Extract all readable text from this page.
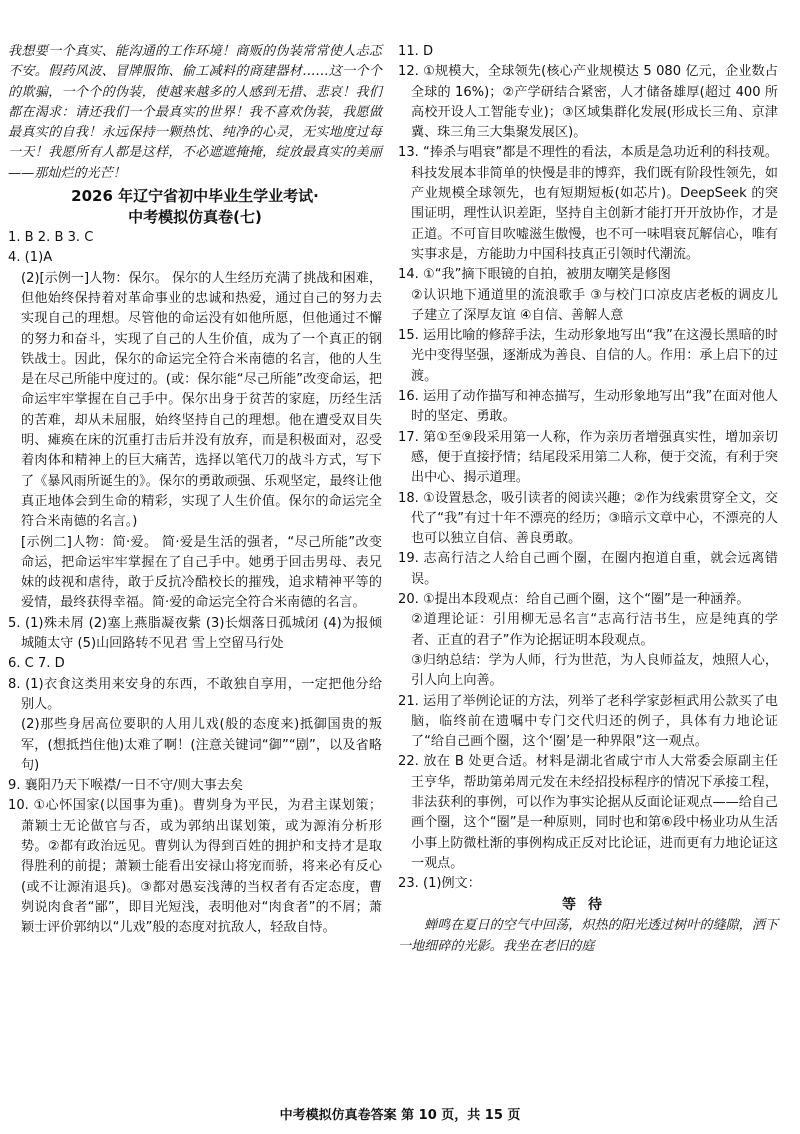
我想要一个真实、能沟通的工作环境！商贩的伪装常常使人忐忑不安。假药风波、冒牌服饰、偷工减料的商建器材……这一个个的欺骗，一个个的伪装，使越来越多的人感到无措、悲哀！我们都在渴求：请还我们一个最真实的世界！我不喜欢伪装，我愿做最真实的自我！永远保持一颗热忱、纯净的心灵，无实地度过每一天！我愿所有人都是这样，不必遮遮掩掩，绽放最真实的美丽——那灿烂的光芒！

2026 年辽宁省初中毕业生学业考试·

中考模拟仿真卷(七)

1. B 2. B 3. C

4. (1)A

(2)[示例一]人物：保尔。 保尔的人生经历充满了挑战和困难，但他始终保持着对革命事业的忠诚和热爱，通过自己的努力去实现自己的理想。尽管他的命运没有如他所愿，但他通过不懈的努力和奋斗，实现了自己的人生价值，成为了一个真正的钢铁战士。因此，保尔的命运完全符合米南德的名言，他的人生是在尽己所能中度过的。(或：保尔能“尽己所能”改变命运，把命运牢牢掌握在自己手中。保尔出身于贫苦的家庭，历经生活的苦难，却从未屈服，始终坚持自己的理想。他在遭受双目失明、瘫痪在床的沉重打击后并没有放弃，而是积极面对，忍受着肉体和精神上的巨大痛苦，选择以笔代刀的战斗方式，写下了《暴风雨所诞生的》。保尔的勇敢顽强、乐观坚定，最终让他真正地体会到生命的精彩，实现了人生价值。保尔的命运完全符合米南德的名言。)

[示例二]人物：简·爱。 简·爱是生活的强者，“尽己所能”改变命运，把命运牢牢掌握在了自己手中。她勇于回击男母、表兄妹的歧视和虐待，敢于反抗冷酷校长的摧残，追求精神平等的爱情，最终获得幸福。简·爱的命运完全符合米南德的名言。

5. (1)殊未屑 (2)塞上燕脂凝夜紫 (3)长烟落日孤城闭 (4)为报倾城随太守 (5)山回路转不见君 雪上空留马行处

6. C 7. D

8. (1)衣食这类用来安身的东西，不敢独自享用，一定把他分给别人。

(2)那些身居高位要职的人用儿戏(般的态度来)抵御国贵的叛军，(想抵挡住他)太难了啊！(注意关键词“御”“剧”，以及省略句)

9. 襄阳乃天下喉襟/一日不守/则大事去矣

10. ①心怀国家(以国事为重)。曹刿身为平民，为君主谋划策；萧颖士无论做官与否，或为郭纳出谋划策，或为源洧分析形势。②都有政治远见。曹刿认为得到百姓的拥护和支持才是取得胜利的前提；萧颖士能看出安禄山将宠而骄，将来必有反心(或不让源洧退兵)。③都对愚妄浅薄的当权者有否定态度，曹刿说肉食者“鄙”，即目光短浅，表明他对“肉食者”的不屑；萧颖士评价郭纳以“儿戏”般的态度对抗敌人，轻敌自恃。

11. D

12. ①规模大，全球领先(核心产业规模达 5 080 亿元，企业数占全球的 16%)；②产学研结合紧密，人才储备雄厚(超过 400 所高校开设人工智能专业)；③区域集群化发展(形成长三角、京津冀、珠三角三大集聚发展区)。

13. “捧杀与唱衰”都是不理性的看法，本质是急功近利的科技观。科技发展本非简单的快慢是非的博弈，我们既有阶段性领先，如产业规模全球领先，也有短期短板(如芯片)。DeepSeek 的突围证明，理性认识差距，坚持自主创新才能打开开放协作，才是正道。不可盲目吹嘘滋生傲慢，也不可一味唱衰瓦解信心，唯有实事求是，方能助力中国科技真正引领时代潮流。

14. ①“我”摘下眼镜的自拍，被朋友嘲笑是修图

②认识地下通道里的流浪歌手 ③与校门口凉皮店老板的调皮儿子建立了深厚友谊 ④自信、善解人意

15. 运用比喻的修辞手法，生动形象地写出“我”在这漫长黑暗的时光中变得坚强，逐渐成为善良、自信的人。作用：承上启下的过渡。

16. 运用了动作描写和神态描写，生动形象地写出“我”在面对他人时的坚定、勇敢。

17. 第①至⑨段采用第一人称，作为亲历者增强真实性，增加亲切感，便于直接抒情；结尾段采用第二人称，便于交流，有利于突出中心、揭示道理。

18. ①设置悬念，吸引读者的阅读兴趣；②作为线索贯穿全文，交代了“我”有过十年不漂亮的经历；③暗示文章中心，不漂亮的人也可以独立自信、善良勇敢。

19. 志高行洁之人给自己画个圈，在圈内抱道自重，就会远离错误。

20. ①提出本段观点：给自己画个圈，这个“圈”是一种涵养。

②道理论证：引用柳无忌名言“志高行洁书生，应是纯真的学者、正直的君子”作为论据证明本段观点。

③归纳总结：学为人师，行为世范，为人良师益友，烛照人心，引人向上向善。

21. 运用了举例论证的方法，列举了老科学家彭桓武用公款买了电脑，临终前在遗嘱中专门交代归还的例子，具体有力地论证了“给自己画个圈，这个‘圈’是一种界限”这一观点。

22. 放在 B 处更合适。材料是湖北省咸宁市人大常委会原副主任王亨华，帮助第弟周元发在未经招投标程序的情况下承接工程，非法获利的事例，可以作为事实论据从反面论证观点——给自己画个圈，这个“圈”是一种原则，同时也和第⑥段中杨业功从生活小事上防微杜渐的事例构成正反对比论证，进而更有力地论证这一观点。

23. (1)例文：

等待

蝉鸣在夏日的空气中回荡，炽热的阳光透过树叶的缝隙，洒下一地细碎的光影。我坐在老旧的庭

中考模拟仿真卷答案 第 10 页，共 15 页
